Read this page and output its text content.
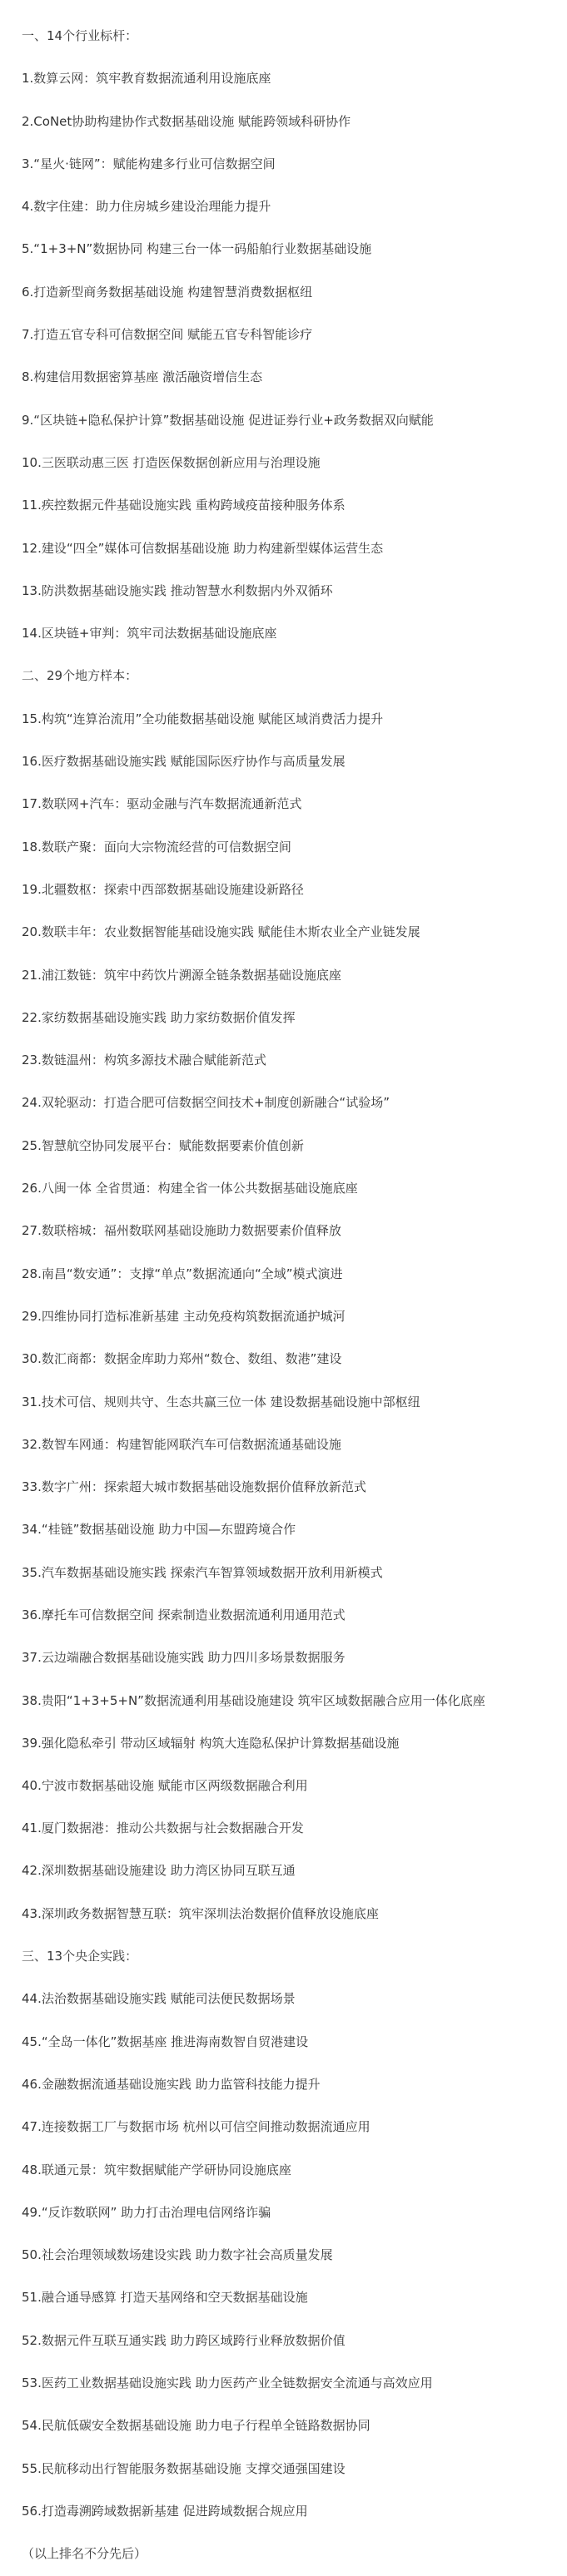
一、14个行业标杆：
1.数算云网：筑牢教育数据流通利用设施底座
2.CoNet协助构建协作式数据基础设施 赋能跨领域科研协作
3.“星火·链网”：赋能构建多行业可信数据空间
4.数字住建：助力住房城乡建设治理能力提升
5.“1+3+N”数据协同 构建三台一体一码船舶行业数据基础设施
6.打造新型商务数据基础设施 构建智慧消费数据枢纽
7.打造五官专科可信数据空间 赋能五官专科智能诊疗
8.构建信用数据密算基座 激活融资增信生态
9.“区块链+隐私保护计算”数据基础设施 促进证券行业+政务数据双向赋能
10.三医联动惠三医 打造医保数据创新应用与治理设施
11.疾控数据元件基础设施实践 重构跨域疫苗接种服务体系
12.建设“四全”媒体可信数据基础设施 助力构建新型媒体运营生态
13.防洪数据基础设施实践 推动智慧水利数据内外双循环
14.区块链+审判：筑牢司法数据基础设施底座
二、29个地方样本：
15.构筑“连算治流用”全功能数据基础设施 赋能区域消费活力提升
16.医疗数据基础设施实践 赋能国际医疗协作与高质量发展
17.数联网+汽车：驱动金融与汽车数据流通新范式
18.数联产聚：面向大宗物流经营的可信数据空间
19.北疆数枢：探索中西部数据基础设施建设新路径
20.数联丰年：农业数据智能基础设施实践 赋能佳木斯农业全产业链发展
21.浦江数链：筑牢中药饮片溯源全链条数据基础设施底座
22.家纺数据基础设施实践 助力家纺数据价值发挥
23.数链温州：构筑多源技术融合赋能新范式
24.双轮驱动：打造合肥可信数据空间技术+制度创新融合“试验场”
25.智慧航空协同发展平台：赋能数据要素价值创新
26.八闽一体 全省贯通：构建全省一体公共数据基础设施底座
27.数联榕城：福州数联网基础设施助力数据要素价值释放
28.南昌“数安通”：支撑“单点”数据流通向“全域”模式演进
29.四维协同打造标准新基建 主动免疫构筑数据流通护城河
30.数汇商都：数据金库助力郑州“数仓、数组、数港”建设
31.技术可信、规则共守、生态共赢三位一体 建设数据基础设施中部枢纽
32.数智车网通：构建智能网联汽车可信数据流通基础设施
33.数字广州：探索超大城市数据基础设施数据价值释放新范式
34.“桂链”数据基础设施 助力中国—东盟跨境合作
35.汽车数据基础设施实践 探索汽车智算领域数据开放利用新模式
36.摩托车可信数据空间 探索制造业数据流通利用通用范式
37.云边端融合数据基础设施实践 助力四川多场景数据服务
38.贵阳“1+3+5+N”数据流通利用基础设施建设 筑牢区域数据融合应用一体化底座
39.强化隐私牵引 带动区域辐射 构筑大连隐私保护计算数据基础设施
40.宁波市数据基础设施 赋能市区两级数据融合利用
41.厦门数据港：推动公共数据与社会数据融合开发
42.深圳数据基础设施建设 助力湾区协同互联互通
43.深圳政务数据智慧互联：筑牢深圳法治数据价值释放设施底座
三、13个央企实践：
44.法治数据基础设施实践 赋能司法便民数据场景
45.“全岛一体化”数据基座 推进海南数智自贸港建设
46.金融数据流通基础设施实践 助力监管科技能力提升
47.连接数据工厂与数据市场 杭州以可信空间推动数据流通应用
48.联通元景：筑牢数据赋能产学研协同设施底座
49.“反诈数联网” 助力打击治理电信网络诈骗
50.社会治理领域数场建设实践 助力数字社会高质量发展
51.融合通导感算 打造天基网络和空天数据基础设施
52.数据元件互联互通实践 助力跨区域跨行业释放数据价值
53.医药工业数据基础设施实践 助力医药产业全链数据安全流通与高效应用
54.民航低碳安全数据基础设施 助力电子行程单全链路数据协同
55.民航移动出行智能服务数据基础设施 支撑交通强国建设
56.打造毒溯跨域数据新基建 促进跨域数据合规应用
（以上排名不分先后）
